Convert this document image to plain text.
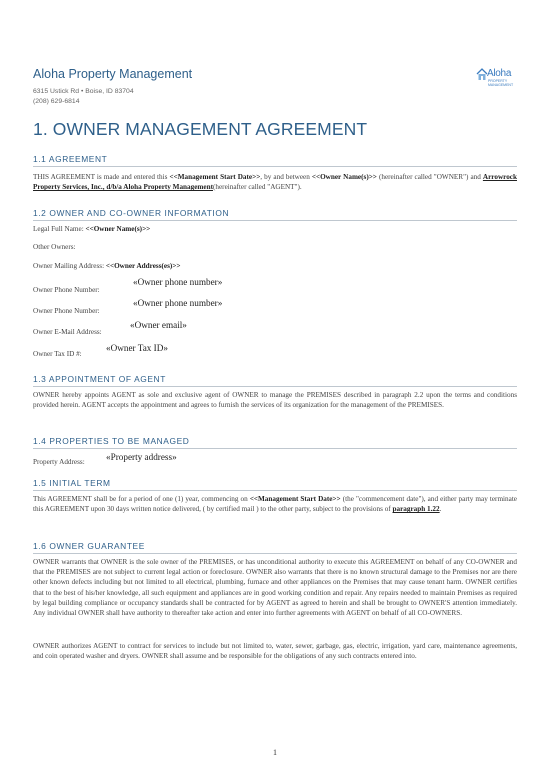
Aloha Property Management
6315 Ustick Rd • Boise, ID 83704
(208) 629-6814
Aloha
PROPERTY MANAGEMENT
1. OWNER MANAGEMENT AGREEMENT
1.1 AGREEMENT
THIS AGREEMENT is made and entered this <<Management Start Date>>, by and between <<Owner Name(s)>> (hereinafter called "OWNER") and Arrowrock Property Services, Inc., d/b/a Aloha Property Management(hereinafter called "AGENT").
1.2 OWNER AND CO-OWNER INFORMATION
Legal Full Name: <<Owner Name(s)>>
Other Owners:
Owner Mailing Address: <<Owner Address(es)>>
Owner Phone Number:
«Owner phone number»
Owner Phone Number:
«Owner phone number»
Owner E-Mail Address:
«Owner email»
Owner Tax ID #:
«Owner Tax ID»
1.3 APPOINTMENT OF AGENT
OWNER hereby appoints AGENT as sole and exclusive agent of OWNER to manage the PREMISES described in paragraph 2.2 upon the terms and conditions provided herein. AGENT accepts the appointment and agrees to furnish the services of its organization for the management of the PREMISES.
1.4 PROPERTIES TO BE MANAGED
Property Address: «Property address»
1.5 INITIAL TERM
This AGREEMENT shall be for a period of one (1) year, commencing on <<Management Start Date>> (the "commencement date"), and either party may terminate this AGREEMENT upon 30 days written notice delivered, ( by certified mail ) to the other party, subject to the provisions of paragraph 1.22.
1.6 OWNER GUARANTEE
OWNER warrants that OWNER is the sole owner of the PREMISES, or has unconditional authority to execute this AGREEMENT on behalf of any CO-OWNER and that the PREMISES are not subject to current legal action or foreclosure. OWNER also warrants that there is no known structural damage to the Premises nor are there other known defects including but not limited to all electrical, plumbing, furnace and other appliances on the Premises that may cause tenant harm. OWNER certifies that to the best of his/her knowledge, all such equipment and appliances are in good working condition and repair. Any repairs needed to maintain Premises as required by legal building compliance or occupancy standards shall be contracted for by AGENT as agreed to herein and shall be brought to OWNER'S attention immediately. Any individual OWNER shall have authority to thereafter take action and enter into further agreements with AGENT on behalf of all CO-OWNERS.
OWNER authorizes AGENT to contract for services to include but not limited to, water, sewer, garbage, gas, electric, irrigation, yard care, maintenance agreements, and coin operated washer and dryers. OWNER shall assume and be responsible for the obligations of any such contracts entered into.
1
